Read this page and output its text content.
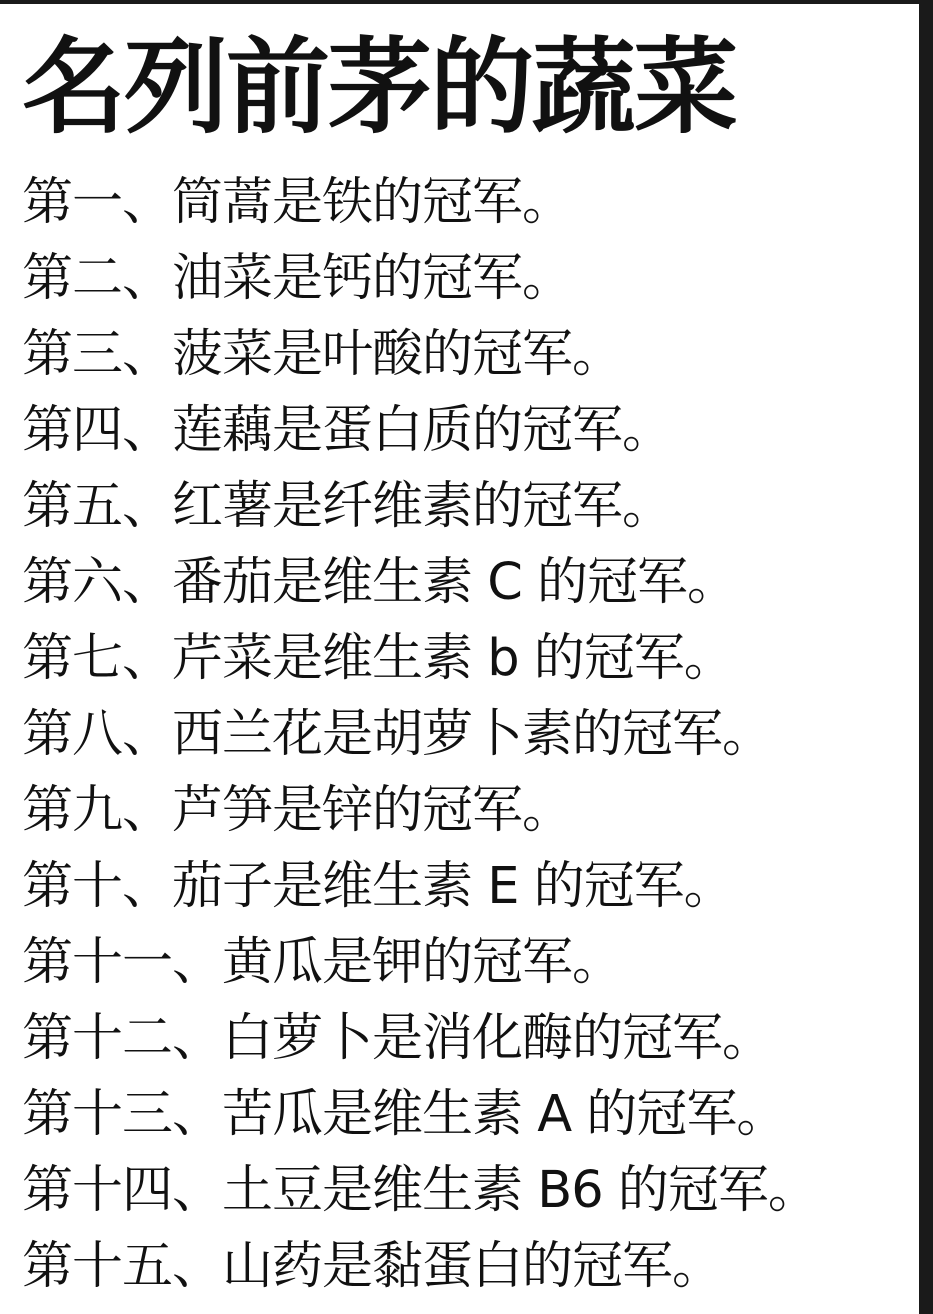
名列前茅的蔬菜
第一、筒蒿是铁的冠军。
第二、油菜是钙的冠军。
第三、菠菜是叶酸的冠军。
第四、莲藕是蛋白质的冠军。
第五、红薯是纤维素的冠军。
第六、番茄是维生素 C 的冠军。
第七、芹菜是维生素 b 的冠军。
第八、西兰花是胡萝卜素的冠军。
第九、芦笋是锌的冠军。
第十、茄子是维生素 E 的冠军。
第十一、黄瓜是钾的冠军。
第十二、白萝卜是消化酶的冠军。
第十三、苦瓜是维生素 A 的冠军。
第十四、土豆是维生素 B6 的冠军。
第十五、山药是黏蛋白的冠军。
